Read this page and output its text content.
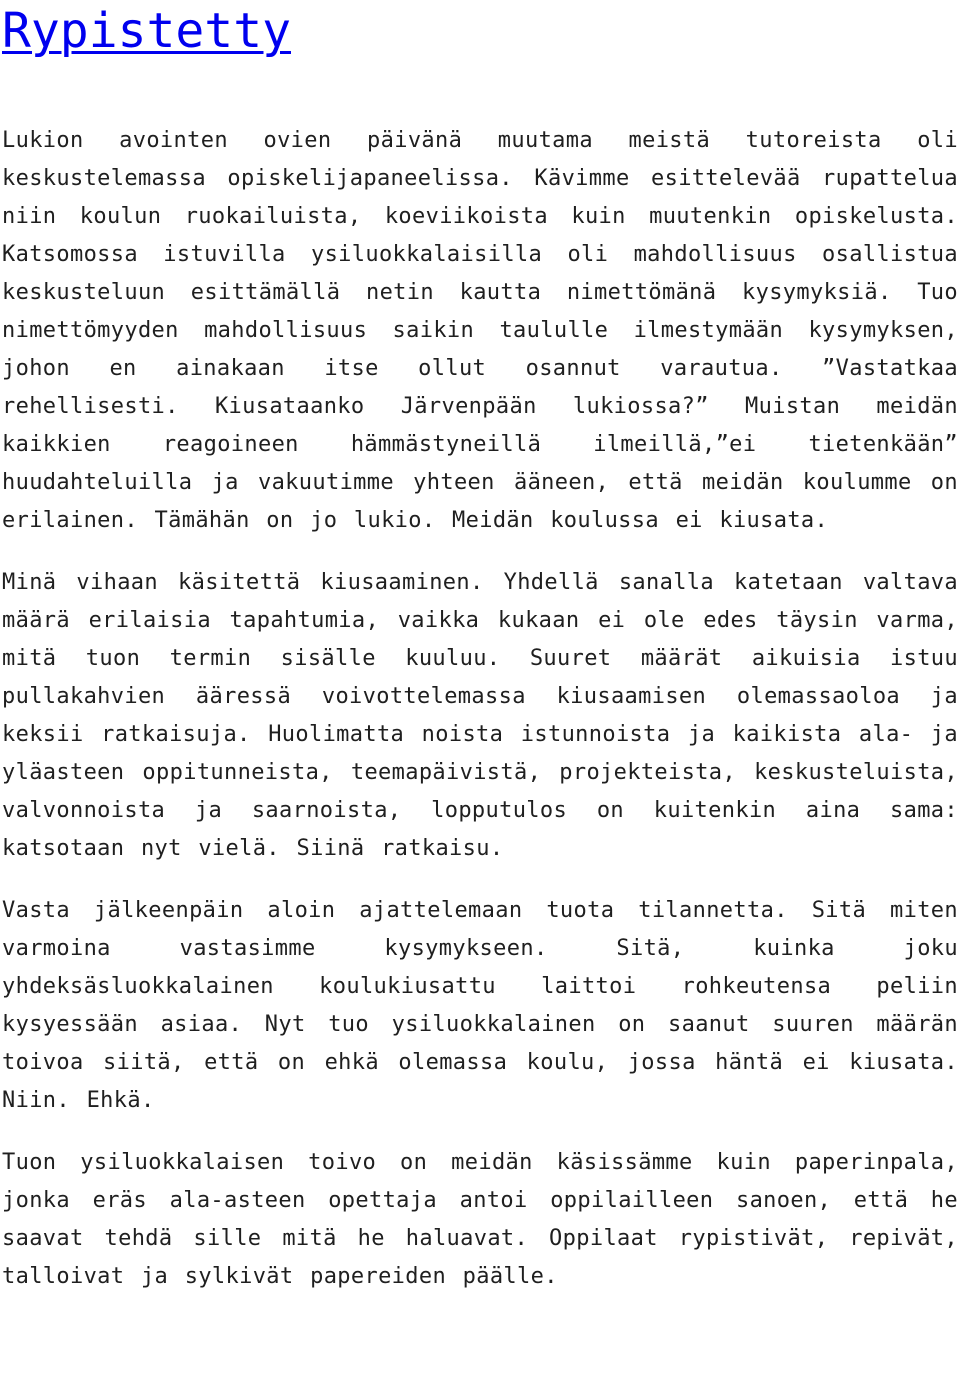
Rypistetty

Lukion avointen ovien päivänä muutama meistä tutoreista oli keskustelemassa opiskelijapaneelissa. Kävimme esittelevää rupattelua niin koulun ruokailuista, koeviikoista kuin muutenkin opiskelusta. Katsomossa istuvilla ysiluokkalaisilla oli mahdollisuus osallistua keskusteluun esittämällä netin kautta nimettömänä kysymyksiä. Tuo nimettömyyden mahdollisuus saikin taululle ilmestymään kysymyksen, johon en ainakaan itse ollut osannut varautua. ”Vastatkaa rehellisesti. Kiusataanko Järvenpään lukiossa?” Muistan meidän kaikkien reagoineen hämmästyneillä ilmeillä,”ei tietenkään” huudahteluilla ja vakuutimme yhteen ääneen, että meidän koulumme on erilainen. Tämähän on jo lukio. Meidän koulussa ei kiusata.

Minä vihaan käsitettä kiusaaminen. Yhdellä sanalla katetaan valtava määrä erilaisia tapahtumia, vaikka kukaan ei ole edes täysin varma, mitä tuon termin sisälle kuuluu. Suuret määrät aikuisia istuu pullakahvien ääressä voivottelemassa kiusaamisen olemassaoloa ja keksii ratkaisuja. Huolimatta noista istunnoista ja kaikista ala- ja yläasteen oppitunneista, teemapäivistä, projekteista, keskusteluista, valvonnoista ja saarnoista, lopputulos on kuitenkin aina sama: katsotaan nyt vielä. Siinä ratkaisu.

Vasta jälkeenpäin aloin ajattelemaan tuota tilannetta. Sitä miten varmoina vastasimme kysymykseen. Sitä, kuinka joku yhdeksäsluokkalainen koulukiusattu laittoi rohkeutensa peliin kysyessään asiaa. Nyt tuo ysiluokkalainen on saanut suuren määrän toivoa siitä, että on ehkä olemassa koulu, jossa häntä ei kiusata. Niin. Ehkä.

Tuon ysiluokkalaisen toivo on meidän käsissämme kuin paperinpala, jonka eräs ala-asteen opettaja antoi oppilailleen sanoen, että he saavat tehdä sille mitä he haluavat. Oppilaat rypistivät, repivät, talloivat ja sylkivät papereiden päälle.
